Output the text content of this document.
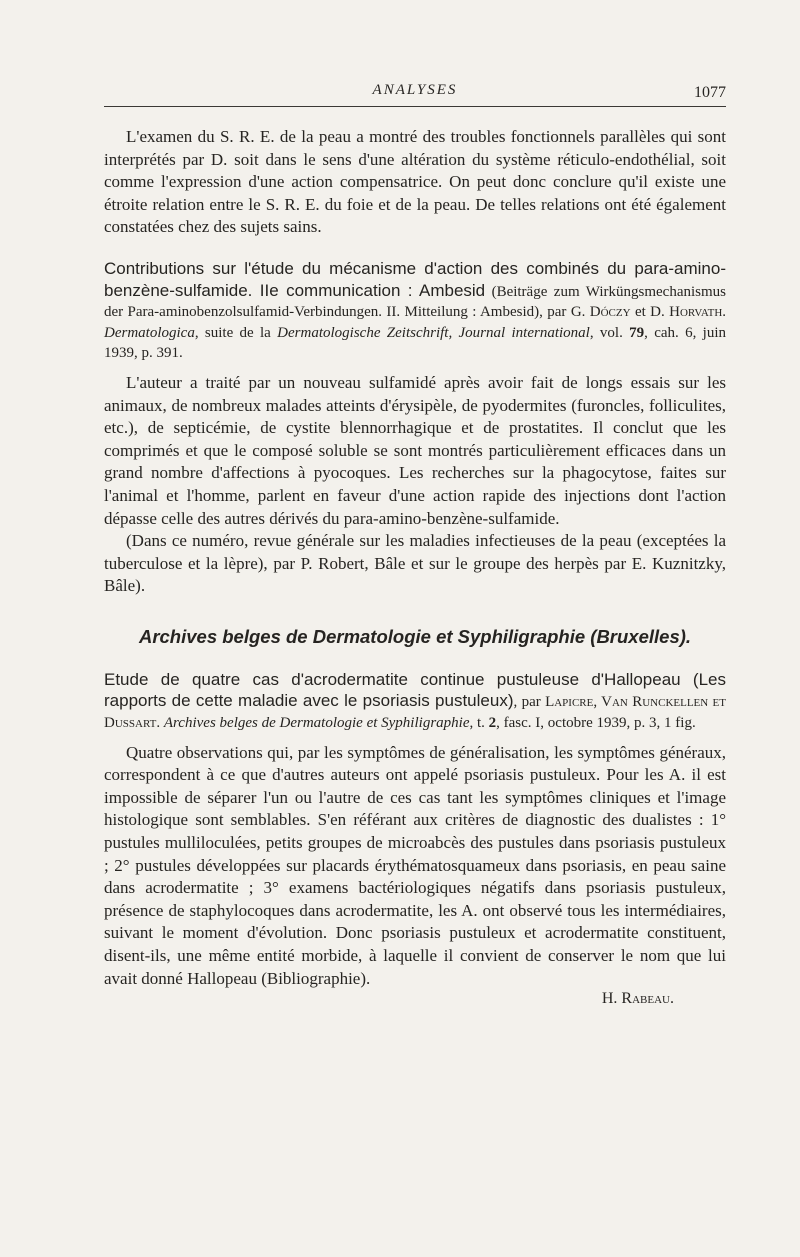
ANALYSES	1077

L'examen du S. R. E. de la peau a montré des troubles fonctionnels parallèles qui sont interprétés par D. soit dans le sens d'une altération du système réticulo-endothélial, soit comme l'expression d'une action compensatrice. On peut donc conclure qu'il existe une étroite relation entre le S. R. E. du foie et de la peau. De telles relations ont été également constatées chez des sujets sains.

Contributions sur l'étude du mécanisme d'action des combinés du para-amino-benzène-sulfamide. IIe communication : Ambesid (Beiträge zum Wirküngsmechanismus der Para-aminobenzolsulfamid-Verbindungen. II. Mitteilung : Ambesid), par G. Dóczy et D. Horvath. Dermatologica, suite de la Dermatologische Zeitschrift, Journal international, vol. 79, cah. 6, juin 1939, p. 391.

L'auteur a traité par un nouveau sulfamidé après avoir fait de longs essais sur les animaux, de nombreux malades atteints d'érysipèle, de pyodermites (furoncles, folliculites, etc.), de septicémie, de cystite blennorrhagique et de prostatites. Il conclut que les comprimés et que le composé soluble se sont montrés particulièrement efficaces dans un grand nombre d'affections à pyocoques. Les recherches sur la phagocytose, faites sur l'animal et l'homme, parlent en faveur d'une action rapide des injections dont l'action dépasse celle des autres dérivés du para-amino-benzène-sulfamide.

(Dans ce numéro, revue générale sur les maladies infectieuses de la peau (exceptées la tuberculose et la lèpre), par P. Robert, Bâle et sur le groupe des herpès par E. Kuznitzky, Bâle).

Archives belges de Dermatologie et Syphiligraphie (Bruxelles).
Etude de quatre cas d'acrodermatite continue pustuleuse d'Hallopeau (Les rapports de cette maladie avec le psoriasis pustuleux), par Lapicre, Van Runckellen et Dussart. Archives belges de Dermatologie et Syphiligraphie, t. 2, fasc. I, octobre 1939, p. 3, 1 fig.

Quatre observations qui, par les symptômes de généralisation, les symptômes généraux, correspondent à ce que d'autres auteurs ont appelé psoriasis pustuleux. Pour les A. il est impossible de séparer l'un ou l'autre de ces cas tant les symptômes cliniques et l'image histologique sont semblables. S'en référant aux critères de diagnostic des dualistes : 1° pustules mulliloculées, petits groupes de microabcès des pustules dans psoriasis pustuleux ; 2° pustules développées sur placards érythématosquameux dans psoriasis, en peau saine dans acrodermatite ; 3° examens bactériologiques négatifs dans psoriasis pustuleux, présence de staphylocoques dans acrodermatite, les A. ont observé tous les intermédiaires, suivant le moment d'évolution. Donc psoriasis pustuleux et acrodermatite constituent, disent-ils, une même entité morbide, à laquelle il convient de conserver le nom que lui avait donné Hallopeau (Bibliographie).

H. Rabeau.
